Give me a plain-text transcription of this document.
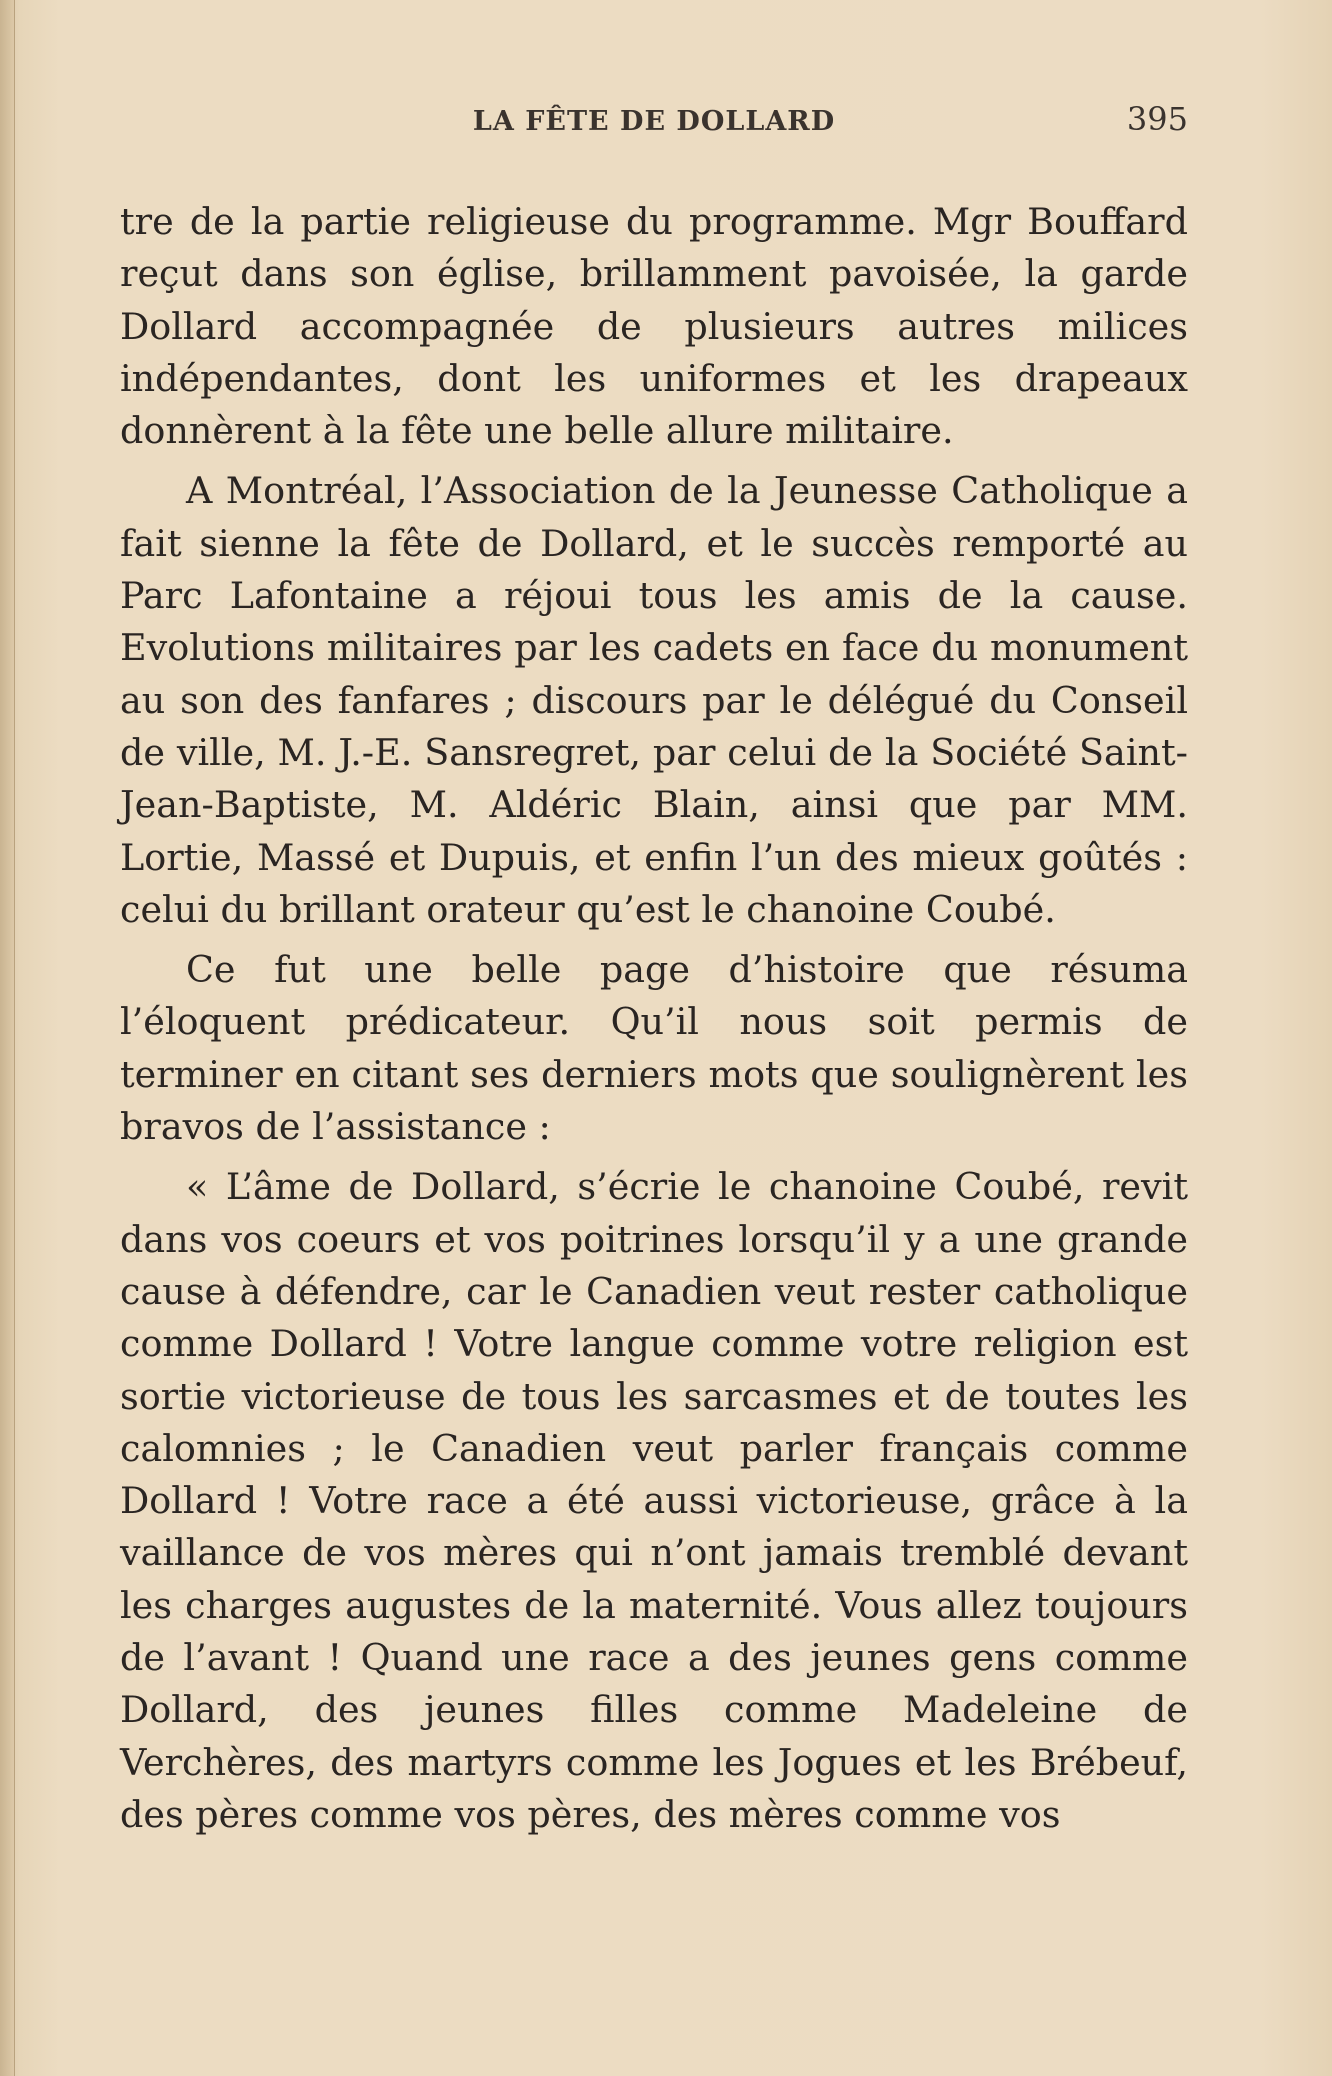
LA FÊTE DE DOLLARD	395

tre de la partie religieuse du programme. Mgr Bouffard reçut dans son église, brillamment pavoisée, la garde Dollard accompagnée de plusieurs autres milices indépendantes, dont les uniformes et les drapeaux donnèrent à la fête une belle allure militaire.

A Montréal, l’Association de la Jeunesse Catholique a fait sienne la fête de Dollard, et le succès remporté au Parc Lafontaine a réjoui tous les amis de la cause. Evolutions militaires par les cadets en face du monument au son des fanfares ; discours par le délégué du Conseil de ville, M. J.-E. Sansregret, par celui de la Société Saint-Jean-Baptiste, M. Aldéric Blain, ainsi que par MM. Lortie, Massé et Dupuis, et enfin l’un des mieux goûtés : celui du brillant orateur qu’est le chanoine Coubé.

Ce fut une belle page d’histoire que résuma l’éloquent prédicateur. Qu’il nous soit permis de terminer en citant ses derniers mots que soulignèrent les bravos de l’assistance :

« L’âme de Dollard, s’écrie le chanoine Coubé, revit dans vos coeurs et vos poitrines lorsqu’il y a une grande cause à défendre, car le Canadien veut rester catholique comme Dollard ! Votre langue comme votre religion est sortie victorieuse de tous les sarcasmes et de toutes les calomnies ; le Canadien veut parler français comme Dollard ! Votre race a été aussi victorieuse, grâce à la vaillance de vos mères qui n’ont jamais tremblé devant les charges augustes de la maternité. Vous allez toujours de l’avant ! Quand une race a des jeunes gens comme Dollard, des jeunes filles comme Madeleine de Verchères, des martyrs comme les Jogues et les Brébeuf, des pères comme vos pères, des mères comme vos
